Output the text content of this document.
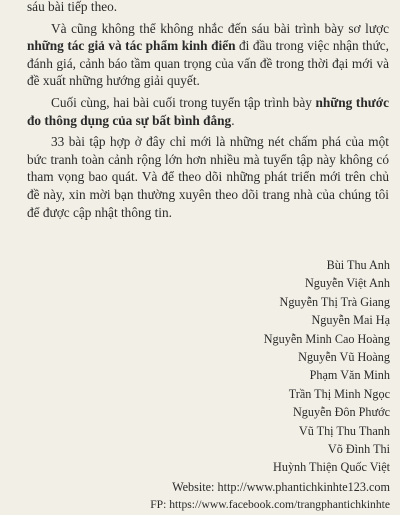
sáu bài tiếp theo.

Và cũng không thể không nhắc đến sáu bài trình bày sơ lược những tác giả và tác phẩm kinh điển đi đầu trong việc nhận thức, đánh giá, cảnh báo tầm quan trọng của vấn đề trong thời đại mới và đề xuất những hướng giải quyết.

Cuối cùng, hai bài cuối trong tuyển tập trình bày những thước đo thông dụng của sự bất bình đẳng.

33 bài tập hợp ở đây chỉ mới là những nét chấm phá của một bức tranh toàn cảnh rộng lớn hơn nhiều mà tuyển tập này không có tham vọng bao quát. Và để theo dõi những phát triển mới trên chủ đề này, xin mời bạn thường xuyên theo dõi trang nhà của chúng tôi để được cập nhật thông tin.

Bùi Thu Anh
Nguyễn Việt Anh
Nguyễn Thị Trà Giang
Nguyễn Mai Hạ
Nguyễn Minh Cao Hoàng
Nguyễn Vũ Hoàng
Phạm Văn Minh
Trần Thị Minh Ngọc
Nguyễn Đôn Phước
Vũ Thị Thu Thanh
Võ Đình Thi
Huỳnh Thiện Quốc Việt
Website: http://www.phantichkinhte123.com
FP: https://www.facebook.com/trangphantichkinhte
